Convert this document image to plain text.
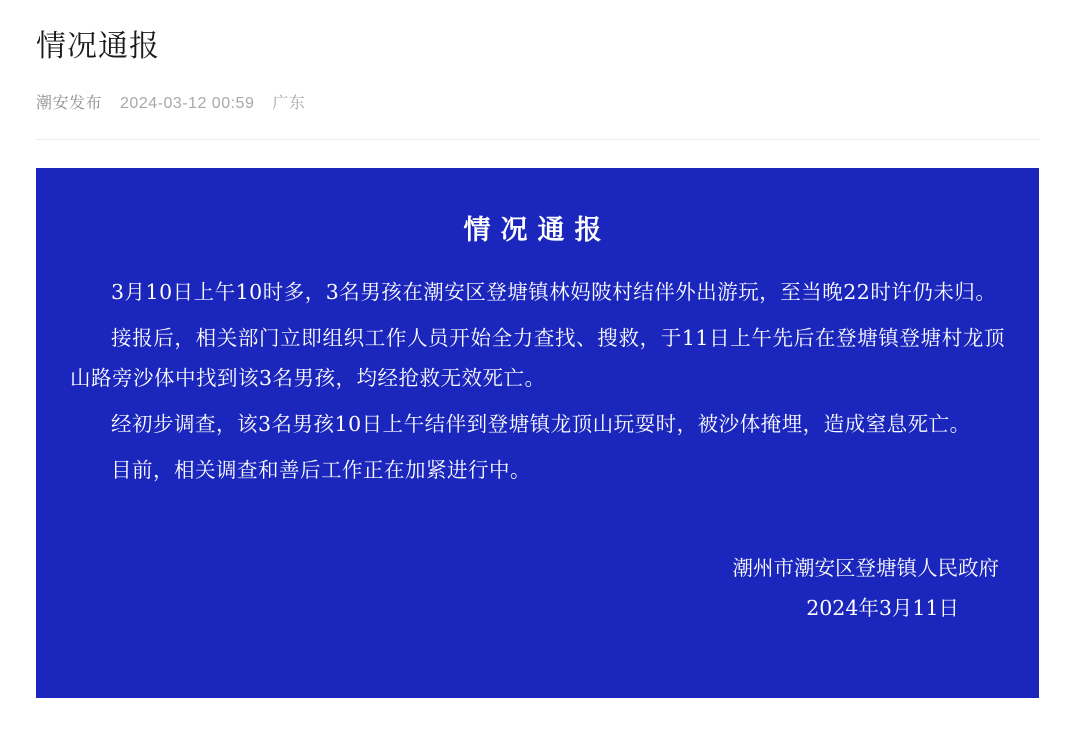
情况通报
潮安发布 2024-03-12 00:59 广东
情况通报

3月10日上午10时多，3名男孩在潮安区登塘镇林妈陂村结伴外出游玩，至当晚22时许仍未归。

接报后，相关部门立即组织工作人员开始全力查找、搜救，于11日上午先后在登塘镇登塘村龙顶山路旁沙体中找到该3名男孩，均经抢救无效死亡。

经初步调查，该3名男孩10日上午结伴到登塘镇龙顶山玩耍时，被沙体掩埋，造成窒息死亡。

目前，相关调查和善后工作正在加紧进行中。

潮州市潮安区登塘镇人民政府
2024年3月11日
